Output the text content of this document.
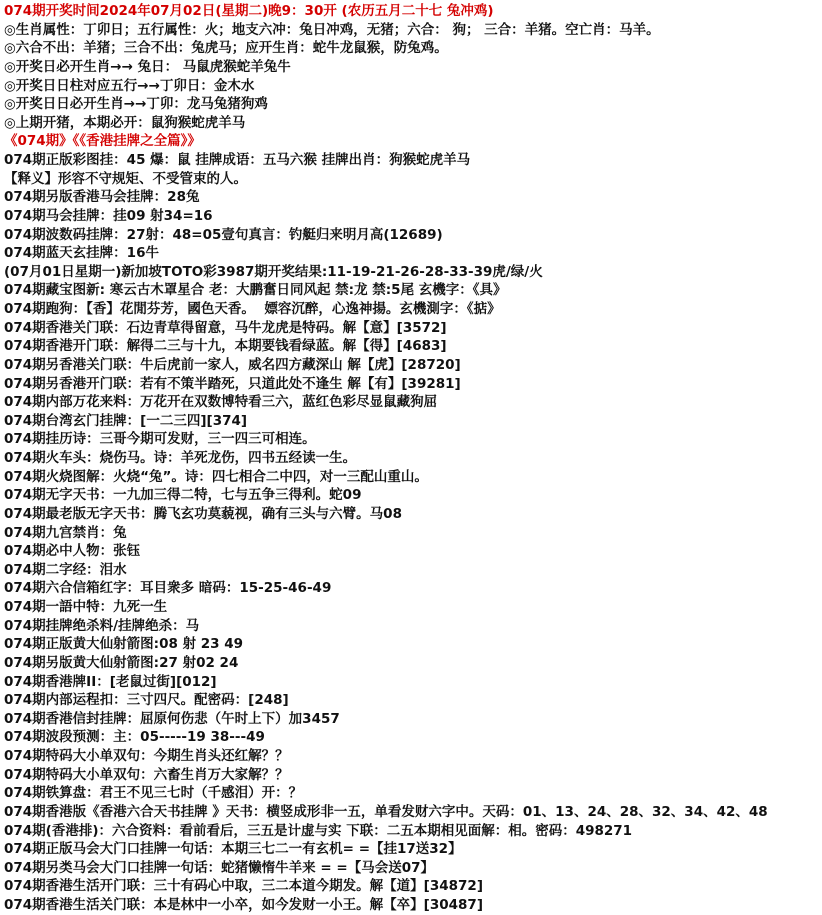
074期开奖时间2024年07月02日(星期二)晚9：30开 (农历五月二十七 兔冲鸡)
◎生肖属性：丁卯日；五行属性：火；地支六冲：兔日冲鸡，无猪；六合： 狗； 三合：羊猪。空亡肖：马羊。
◎六合不出：羊猪；三合不出：兔虎马；应开生肖：蛇牛龙鼠猴，防兔鸡。
◎开奖日必开生肖→→ 兔日： 马鼠虎猴蛇羊兔牛
◎开奖日日柱对应五行→→丁卯日：金木水
◎开奖日日必开生肖→→丁卯：龙马兔猪狗鸡
◎上期开猪，本期必开：鼠狗猴蛇虎羊马
《074期》《《香港挂牌之全篇》》
074期正版彩图挂：45 爆：鼠 挂牌成语：五马六猴 挂牌出肖：狗猴蛇虎羊马
【释义】形容不守规矩、不受管束的人。
074期另版香港马会挂牌：28兔
074期马会挂牌：挂09 射34=16
074期波数码挂牌：27射：48=05壹句真言：钓艇归来明月高(12689)
074期蓝天玄挂牌：16牛
(07月01日星期一)新加坡TOTO彩3987期开奖结果:11-19-21-26-28-33-39虎/绿/火
074期藏宝图新: 寒云古木罩星合 老：大鹏奮日同风起 禁:龙 禁:5尾 玄機字：《具》
074期跑狗：【香】花閒芬芳，國色天香。  嫖容沉醉，心逸神揚。玄機測字：《掂》
074期香港关门联：石边青草得留意，马牛龙虎是特码。解【意】[3572]
074期香港开门联：解得二三与十九，本期要钱看绿蓝。解【得】[4683]
074期另香港关门联：牛后虎前一家人，威名四方藏深山 解【虎】[28720]
074期另香港开门联：若有不策半踏死，只道此处不逢生 解【有】[39281]
074期内部万花来料：万花开在双数博特看三六，蓝红色彩尽显鼠藏狗屈
074期台湾玄门挂牌：[一二三四][374]
074期挂历诗：三哥今期可发财，三一四三可相连。
074期火车头：烧伤马。诗：羊死龙伤，四书五经读一生。
074期火烧图解：火烧“兔”。诗：四七相合二中四，对一三配山重山。
074期无字天书：一九加三得二特，七与五争三得利。蛇09
074期最老版无字天书：腾飞玄功莫藐视，确有三头与六臂。马08
074期九宫禁肖：兔
074期必中人物：张钰
074期二字经：泪水
074期六合信箱红字：耳目衆多 暗码：15-25-46-49
074期一語中特：九死一生
074期挂牌绝杀料/挂牌绝杀：马
074期正版黄大仙射箭图:08 射 23 49
074期另版黄大仙射箭图:27 射02 24
074期香港牌II：[老鼠过街][012]
074期内部运程扣：三寸四尺。配密码：[248]
074期香港信封挂牌：屈原何伤悲（午时上下）加3457
074期波段预测：主：05-----19 38---49
074期特码大小单双句：今期生肖头还红解？？
074期特码大小单双句：六畜生肖万大家解？？
074期铁算盘：君王不见三七时（千感泪）开：？
074期香港版《香港六合天书挂牌 》天书：横竖成形非一五，单看发财六字中。天码：01、13、24、28、32、34、42、48
074期(香港排)：六合资料：看前看后，三五是计虚与实 下联：二五本期相见面解：相。密码：498271
074期正版马会大门口挂牌一句话：本期三七二一有玄机= =【挂17送32】
074期另类马会大门口挂牌一句话：蛇猪懒惰牛羊来 = =【马会送07】
074期香港生活开门联：三十有码心中取，三二本道今期发。解【道】[34872]
074期香港生活关门联：本是林中一小卒，如今发财一小王。解【卒】[30487]
